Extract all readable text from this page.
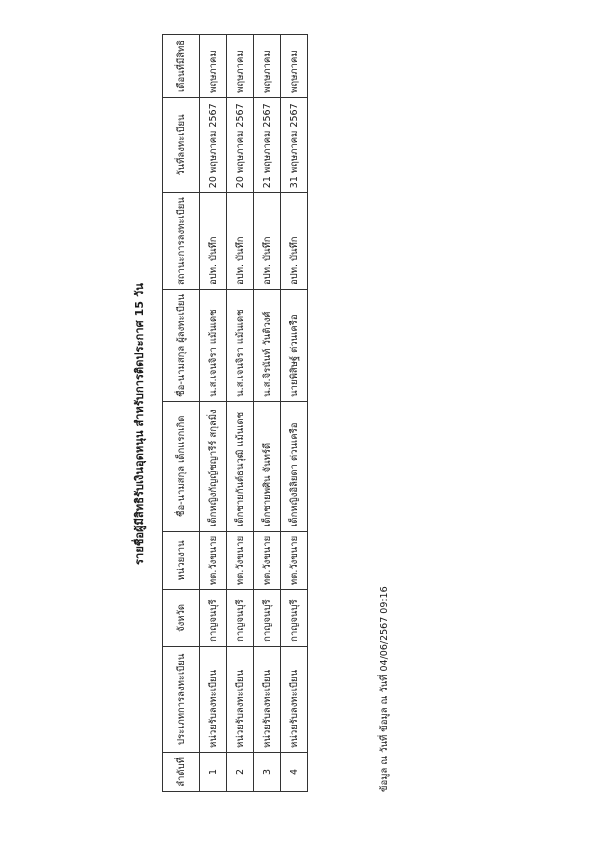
รายชื่อผู้มีสิทธิรับเงินอุดหนุน สำหรับการติดประกาศ 15 วัน
ลำดับที่	ประเภทการลงทะเบียน	จังหวัด	หน่วยงาน	ชื่อ-นามสกุล เด็กแรกเกิด	ชื่อ-นามสกุล ผู้ลงทะเบียน	สถานะการลงทะเบียน	วันที่ลงทะเบียน	เดือนที่มีสิทธิ
1	หน่วยรับลงทะเบียน	กาญจนบุรี	ทต.วังขนาย	เด็กหญิงกัญญ์ชญารีร์ สกุลมิ่ง	น.ส.เจนจิรา แม้นเดช	อปท. บันทึก	20 พฤษภาคม 2567	พฤษภาคม
2	หน่วยรับลงทะเบียน	กาญจนบุรี	ทต.วังขนาย	เด็กชายกันต์ธนวุฒิ แม้นเดช	น.ส.เจนจิรา แม้นเดช	อปท. บันทึก	20 พฤษภาคม 2567	พฤษภาคม
3	หน่วยรับลงทะเบียน	กาญจนบุรี	ทต.วังขนาย	เด็กชายพศิน จันทร์ดี	น.ส.จิรนันท์ วันติวงศ์	อปท. บันทึก	21 พฤษภาคม 2567	พฤษภาคม
4	หน่วยรับลงทะเบียน	กาญจนบุรี	ทต.วังขนาย	เด็กหญิงอิลิยดา ต่วนเครือ	นายพิสิษฐ์ ต่วนเครือ	อปท. บันทึก	31 พฤษภาคม 2567	พฤษภาคม
ข้อมูล ณ วันที่ ข้อมูล ณ วันที่ 04/06/2567 09:16
